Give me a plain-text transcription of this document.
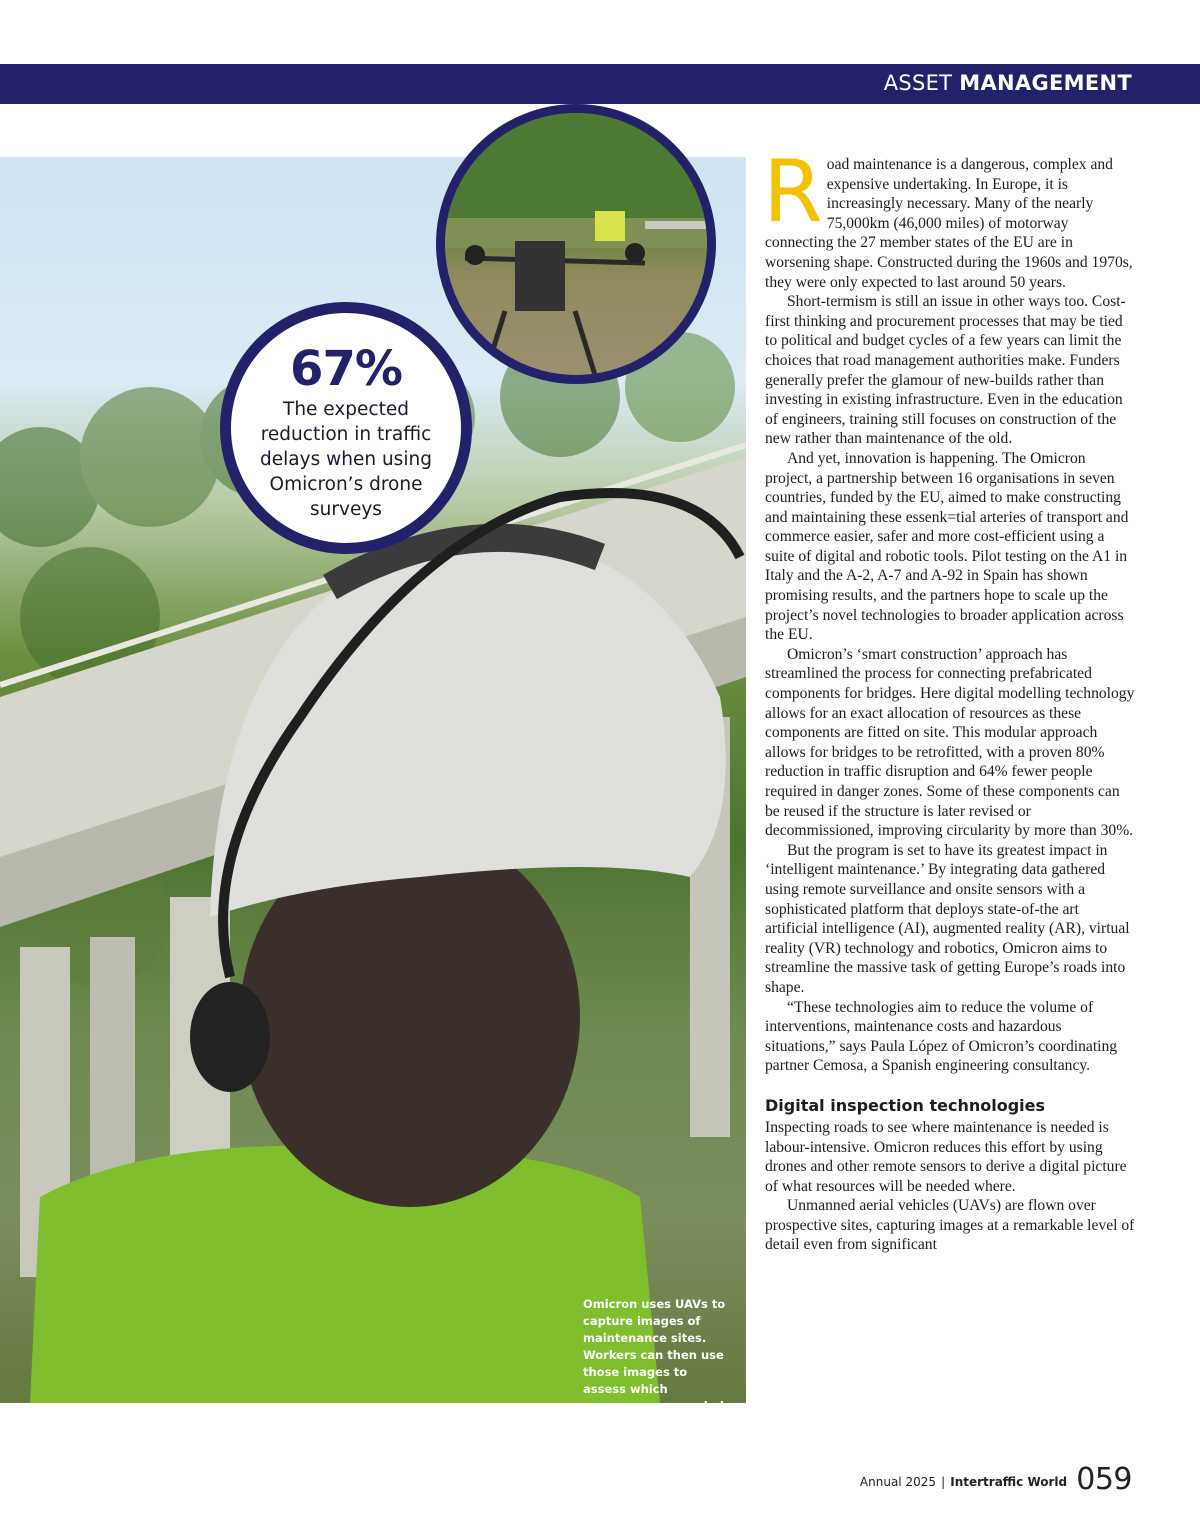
ASSET MANAGEMENT
67%
The expected reduction in traffic delays when using Omicron’s drone surveys
Omicron uses UAVs to capture images of maintenance sites. Workers can then use those images to assess which resources are needed

Road maintenance is a dangerous, complex and expensive undertaking. In Europe, it is increasingly necessary. Many of the nearly 75,000km (46,000 miles) of motorway connecting the 27 member states of the EU are in worsening shape. Constructed during the 1960s and 1970s, they were only expected to last around 50 years.

Short-termism is still an issue in other ways too. Cost-first thinking and procurement processes that may be tied to political and budget cycles of a few years can limit the choices that road management authorities make. Funders generally prefer the glamour of new-builds rather than investing in existing infrastructure. Even in the education of engineers, training still focuses on construction of the new rather than maintenance of the old.

And yet, innovation is happening. The Omicron project, a partnership between 16 organisations in seven countries, funded by the EU, aimed to make constructing and maintaining these essenk=tial arteries of transport and commerce easier, safer and more cost-efficient using a suite of digital and robotic tools. Pilot testing on the A1 in Italy and the A-2, A-7 and A-92 in Spain has shown promising results, and the partners hope to scale up the project’s novel technologies to broader application across the EU.

Omicron’s ‘smart construction’ approach has streamlined the process for connecting prefabricated components for bridges. Here digital modelling technology allows for an exact allocation of resources as these components are fitted on site. This modular approach allows for bridges to be retrofitted, with a proven 80% reduction in traffic disruption and 64% fewer people required in danger zones. Some of these components can be reused if the structure is later revised or decommissioned, improving circularity by more than 30%.

But the program is set to have its greatest impact in ‘intelligent maintenance.’ By integrating data gathered using remote surveillance and onsite sensors with a sophisticated platform that deploys state-of-the art artificial intelligence (AI), augmented reality (AR), virtual reality (VR) technology and robotics, Omicron aims to streamline the massive task of getting Europe’s roads into shape.

“These technologies aim to reduce the volume of interventions, maintenance costs and hazardous situations,” says Paula López of Omicron’s coordinating partner Cemosa, a Spanish engineering consultancy.

Digital inspection technologies

Inspecting roads to see where maintenance is needed is labour-intensive. Omicron reduces this effort by using drones and other remote sensors to derive a digital picture of what resources will be needed where.

Unmanned aerial vehicles (UAVs) are flown over prospective sites, capturing images at a remarkable level of detail even from significant

Annual 2025 | Intertraffic World 059
